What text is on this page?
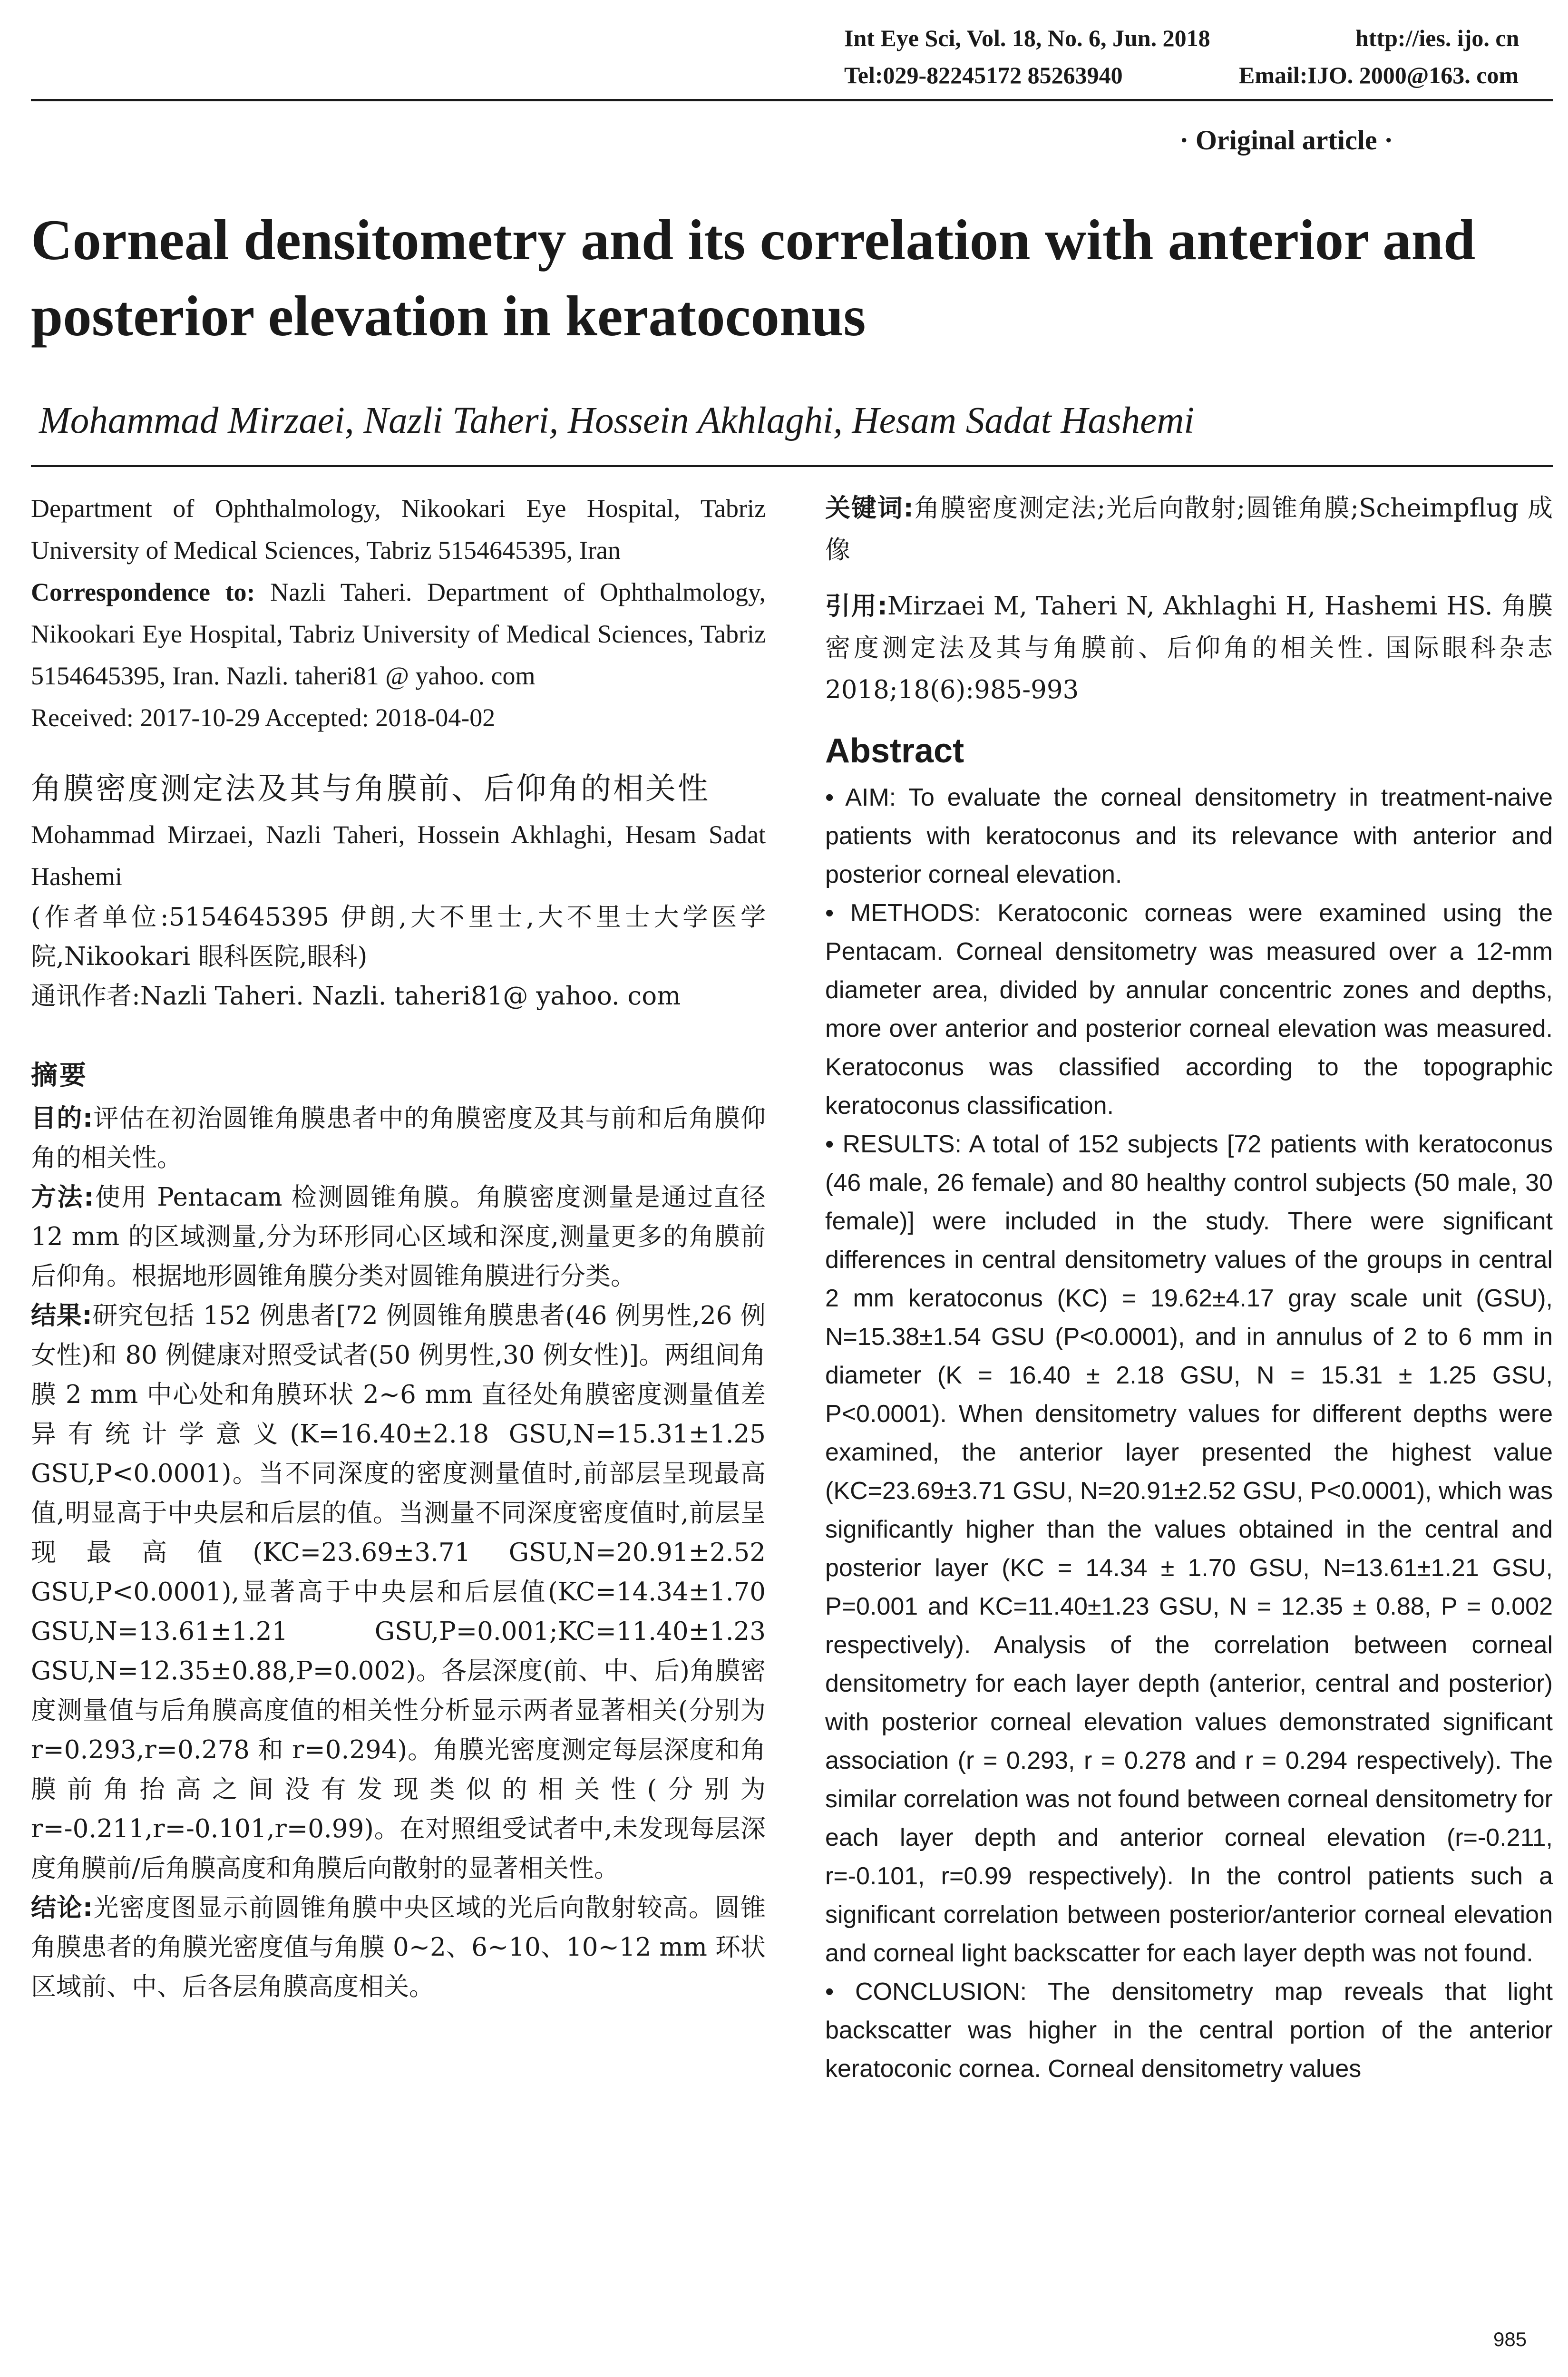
Int Eye Sci, Vol. 18, No. 6, Jun. 2018	http://ies. ijo. cn
Tel:029-82245172 85263940	Email:IJO. 2000@163. com
· Original article ·
Corneal densitometry and its correlation with anterior and posterior elevation in keratoconus
Mohammad Mirzaei, Nazli Taheri, Hossein Akhlaghi, Hesam Sadat Hashemi

Department of Ophthalmology, Nikookari Eye Hospital, Tabriz University of Medical Sciences, Tabriz 5154645395, Iran

Correspondence to: Nazli Taheri. Department of Ophthalmology, Nikookari Eye Hospital, Tabriz University of Medical Sciences, Tabriz 5154645395, Iran. Nazli. taheri81 @ yahoo. com

Received: 2017-10-29 Accepted: 2018-04-02

角膜密度测定法及其与角膜前、后仰角的相关性

Mohammad Mirzaei, Nazli Taheri, Hossein Akhlaghi, Hesam Sadat Hashemi

(作者单位:5154645395 伊朗,大不里士,大不里士大学医学院,Nikookari 眼科医院,眼科)

通讯作者:Nazli Taheri. Nazli. taheri81@ yahoo. com

摘要

目的:评估在初治圆锥角膜患者中的角膜密度及其与前和后角膜仰角的相关性。

方法:使用 Pentacam 检测圆锥角膜。角膜密度测量是通过直径 12 mm 的区域测量,分为环形同心区域和深度,测量更多的角膜前后仰角。根据地形圆锥角膜分类对圆锥角膜进行分类。

结果:研究包括 152 例患者[72 例圆锥角膜患者(46 例男性,26 例女性)和 80 例健康对照受试者(50 例男性,30 例女性)]。两组间角膜 2 mm 中心处和角膜环状 2~6 mm 直径处角膜密度测量值差异有统计学意义(K=16.40±2.18 GSU,N=15.31±1.25 GSU,P<0.0001)。当不同深度的密度测量值时,前部层呈现最高值,明显高于中央层和后层的值。当测量不同深度密度值时,前层呈现最高值(KC=23.69±3.71 GSU,N=20.91±2.52 GSU,P<0.0001),显著高于中央层和后层值(KC=14.34±1.70 GSU,N=13.61±1.21 GSU,P=0.001;KC=11.40±1.23 GSU,N=12.35±0.88,P=0.002)。各层深度(前、中、后)角膜密度测量值与后角膜高度值的相关性分析显示两者显著相关(分别为 r=0.293,r=0.278 和 r=0.294)。角膜光密度测定每层深度和角膜前角抬高之间没有发现类似的相关性(分别为 r=-0.211,r=-0.101,r=0.99)。在对照组受试者中,未发现每层深度角膜前/后角膜高度和角膜后向散射的显著相关性。

结论:光密度图显示前圆锥角膜中央区域的光后向散射较高。圆锥角膜患者的角膜光密度值与角膜 0~2、6~10、10~12 mm 环状区域前、中、后各层角膜高度相关。

关键词:角膜密度测定法;光后向散射;圆锥角膜;Scheimpflug 成像

引用:Mirzaei M, Taheri N, Akhlaghi H, Hashemi HS. 角膜密度测定法及其与角膜前、后仰角的相关性. 国际眼科杂志 2018;18(6):985-993

Abstract

• AIM: To evaluate the corneal densitometry in treatment-naive patients with keratoconus and its relevance with anterior and posterior corneal elevation.

• METHODS: Keratoconic corneas were examined using the Pentacam. Corneal densitometry was measured over a 12-mm diameter area, divided by annular concentric zones and depths, more over anterior and posterior corneal elevation was measured. Keratoconus was classified according to the topographic keratoconus classification.

• RESULTS: A total of 152 subjects [72 patients with keratoconus (46 male, 26 female) and 80 healthy control subjects (50 male, 30 female)] were included in the study. There were significant differences in central densitometry values of the groups in central 2 mm keratoconus (KC) = 19.62±4.17 gray scale unit (GSU), N=15.38±1.54 GSU (P<0.0001), and in annulus of 2 to 6 mm in diameter (K = 16.40 ± 2.18 GSU, N = 15.31 ± 1.25 GSU, P<0.0001). When densitometry values for different depths were examined, the anterior layer presented the highest value (KC=23.69±3.71 GSU, N=20.91±2.52 GSU, P<0.0001), which was significantly higher than the values obtained in the central and posterior layer (KC = 14.34 ± 1.70 GSU, N=13.61±1.21 GSU, P=0.001 and KC=11.40±1.23 GSU, N = 12.35 ± 0.88, P = 0.002 respectively). Analysis of the correlation between corneal densitometry for each layer depth (anterior, central and posterior) with posterior corneal elevation values demonstrated significant association (r = 0.293, r = 0.278 and r = 0.294 respectively). The similar correlation was not found between corneal densitometry for each layer depth and anterior corneal elevation (r=-0.211, r=-0.101, r=0.99 respectively). In the control patients such a significant correlation between posterior/anterior corneal elevation and corneal light backscatter for each layer depth was not found.

• CONCLUSION: The densitometry map reveals that light backscatter was higher in the central portion of the anterior keratoconic cornea. Corneal densitometry values

985
